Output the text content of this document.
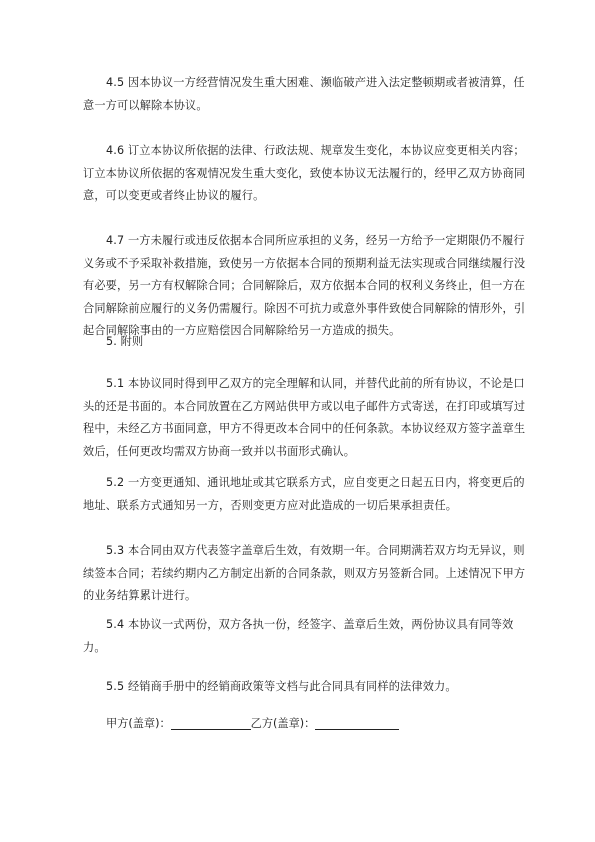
4.5 因本协议一方经营情况发生重大困难、濒临破产进入法定整顿期或者被清算，任意一方可以解除本协议。

4.6 订立本协议所依据的法律、行政法规、规章发生变化，本协议应变更相关内容；订立本协议所依据的客观情况发生重大变化，致使本协议无法履行的，经甲乙双方协商同意，可以变更或者终止协议的履行。

4.7 一方未履行或违反依据本合同所应承担的义务，经另一方给予一定期限仍不履行义务或不予采取补救措施，致使另一方依据本合同的预期利益无法实现或合同继续履行没有必要，另一方有权解除合同；合同解除后，双方依据本合同的权利义务终止，但一方在合同解除前应履行的义务仍需履行。除因不可抗力或意外事件致使合同解除的情形外，引起合同解除事由的一方应赔偿因合同解除给另一方造成的损失。

5. 附则

5.1 本协议同时得到甲乙双方的完全理解和认同，并替代此前的所有协议，不论是口头的还是书面的。本合同放置在乙方网站供甲方或以电子邮件方式寄送，在打印或填写过程中，未经乙方书面同意，甲方不得更改本合同中的任何条款。本协议经双方签字盖章生效后，任何更改均需双方协商一致并以书面形式确认。

5.2 一方变更通知、通讯地址或其它联系方式，应自变更之日起五日内，将变更后的地址、联系方式通知另一方，否则变更方应对此造成的一切后果承担责任。

5.3 本合同由双方代表签字盖章后生效，有效期一年。合同期满若双方均无异议，则续签本合同；若续约期内乙方制定出新的合同条款，则双方另签新合同。上述情况下甲方的业务结算累计进行。

5.4 本协议一式两份，双方各执一份，经签字、盖章后生效，两份协议具有同等效力。

5.5 经销商手册中的经销商政策等文档与此合同具有同样的法律效力。

甲方(盖章)：	乙方(盖章)：
